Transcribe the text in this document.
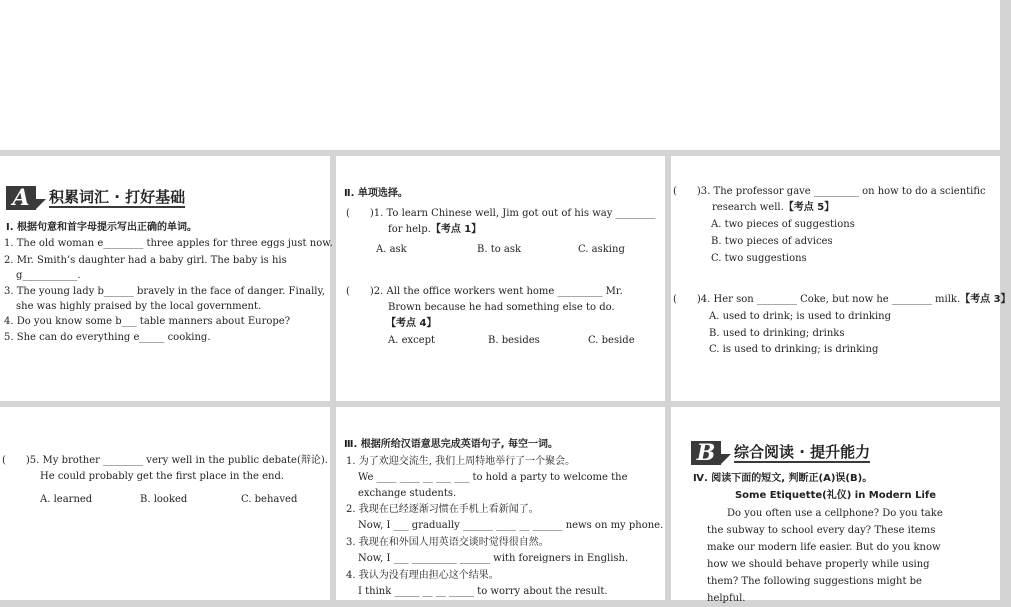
A	积累词汇 · 打好基础
Ⅰ. 根据句意和首字母提示写出正确的单词。
1. The old woman e________ three apples for three eggs just now.
2. Mr. Smith’s daughter had a baby girl. The baby is his
g___________.
3. The young lady b______ bravely in the face of danger. Finally,
she was highly praised by the local government.
4. Do you know some b___ table manners about Europe?
5. She can do everything e_____ cooking.
Ⅱ. 单项选择。
(　　)1. To learn Chinese well, Jim got out of his way ________
for help.【考点 1】
A. ask	B. to ask	C. asking
(　　)2. All the office workers went home _________ Mr.
Brown because he had something else to do.
【考点 4】
A. except	B. besides	C. beside
(　　)3. The professor gave _________ on how to do a scientific
research well.【考点 5】
A. two pieces of suggestions
B. two pieces of advices
C. two suggestions
(　　)4. Her son ________ Coke, but now he ________ milk.【考点 3】
A. used to drink; is used to drinking
B. used to drinking; drinks
C. is used to drinking; is drinking
(　　)5. My brother ________ very well in the public debate(辩论).
He could probably get the first place in the end.
A. learned	B. looked	C. behaved
Ⅲ. 根据所给汉语意思完成英语句子, 每空一词。
1. 为了欢迎交流生, 我们上周特地举行了一个聚会。
We ____ ____ __ ___ ___ to hold a party to welcome the
exchange students.
2. 我现在已经逐渐习惯在手机上看新闻了。
Now, I ___ gradually ______ ____ __ ______ news on my phone.
3. 我现在和外国人用英语交谈时觉得很自然。
Now, I ___ _________ ______ with foreigners in English.
4. 我认为没有理由担心这个结果。
I think _____ __ __ _____ to worry about the result.
B	综合阅读 · 提升能力
Ⅳ. 阅读下面的短文, 判断正(A)误(B)。
Some Etiquette(礼仪) in Modern Life
Do you often use a cellphone? Do you take
the subway to school every day? These items
make our modern life easier. But do you know
how we should behave properly while using
them? The following suggestions might be
helpful.
